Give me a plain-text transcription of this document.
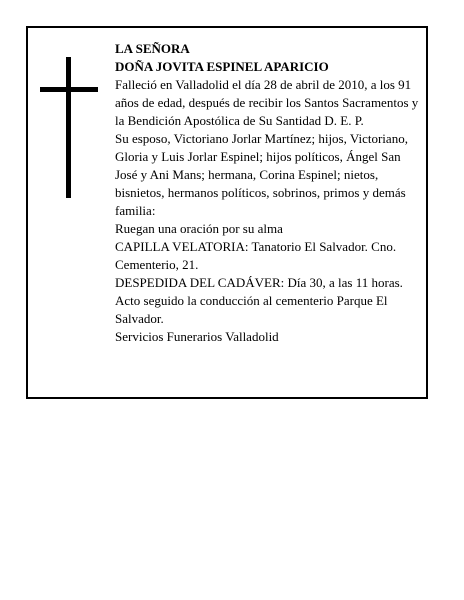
LA SEÑORA

DOÑA JOVITA ESPINEL APARICIO

Falleció en Valladolid el día 28 de abril de 2010, a los 91 años de edad, después de recibir los Santos Sacramentos y la Bendición Apostólica de Su Santidad D. E. P.

Su esposo, Victoriano Jorlar Martínez; hijos, Victoriano, Gloria y Luis Jorlar Espinel; hijos políticos, Ángel San José y Ani Mans; hermana, Corina Espinel; nietos, bisnietos, hermanos políticos, sobrinos, primos y demás familia:

Ruegan una oración por su alma

CAPILLA VELATORIA: Tanatorio El Salvador. Cno. Cementerio, 21.

DESPEDIDA DEL CADÁVER: Día 30, a las 11 horas. Acto seguido la conducción al cementerio Parque El Salvador.

Servicios Funerarios Valladolid
